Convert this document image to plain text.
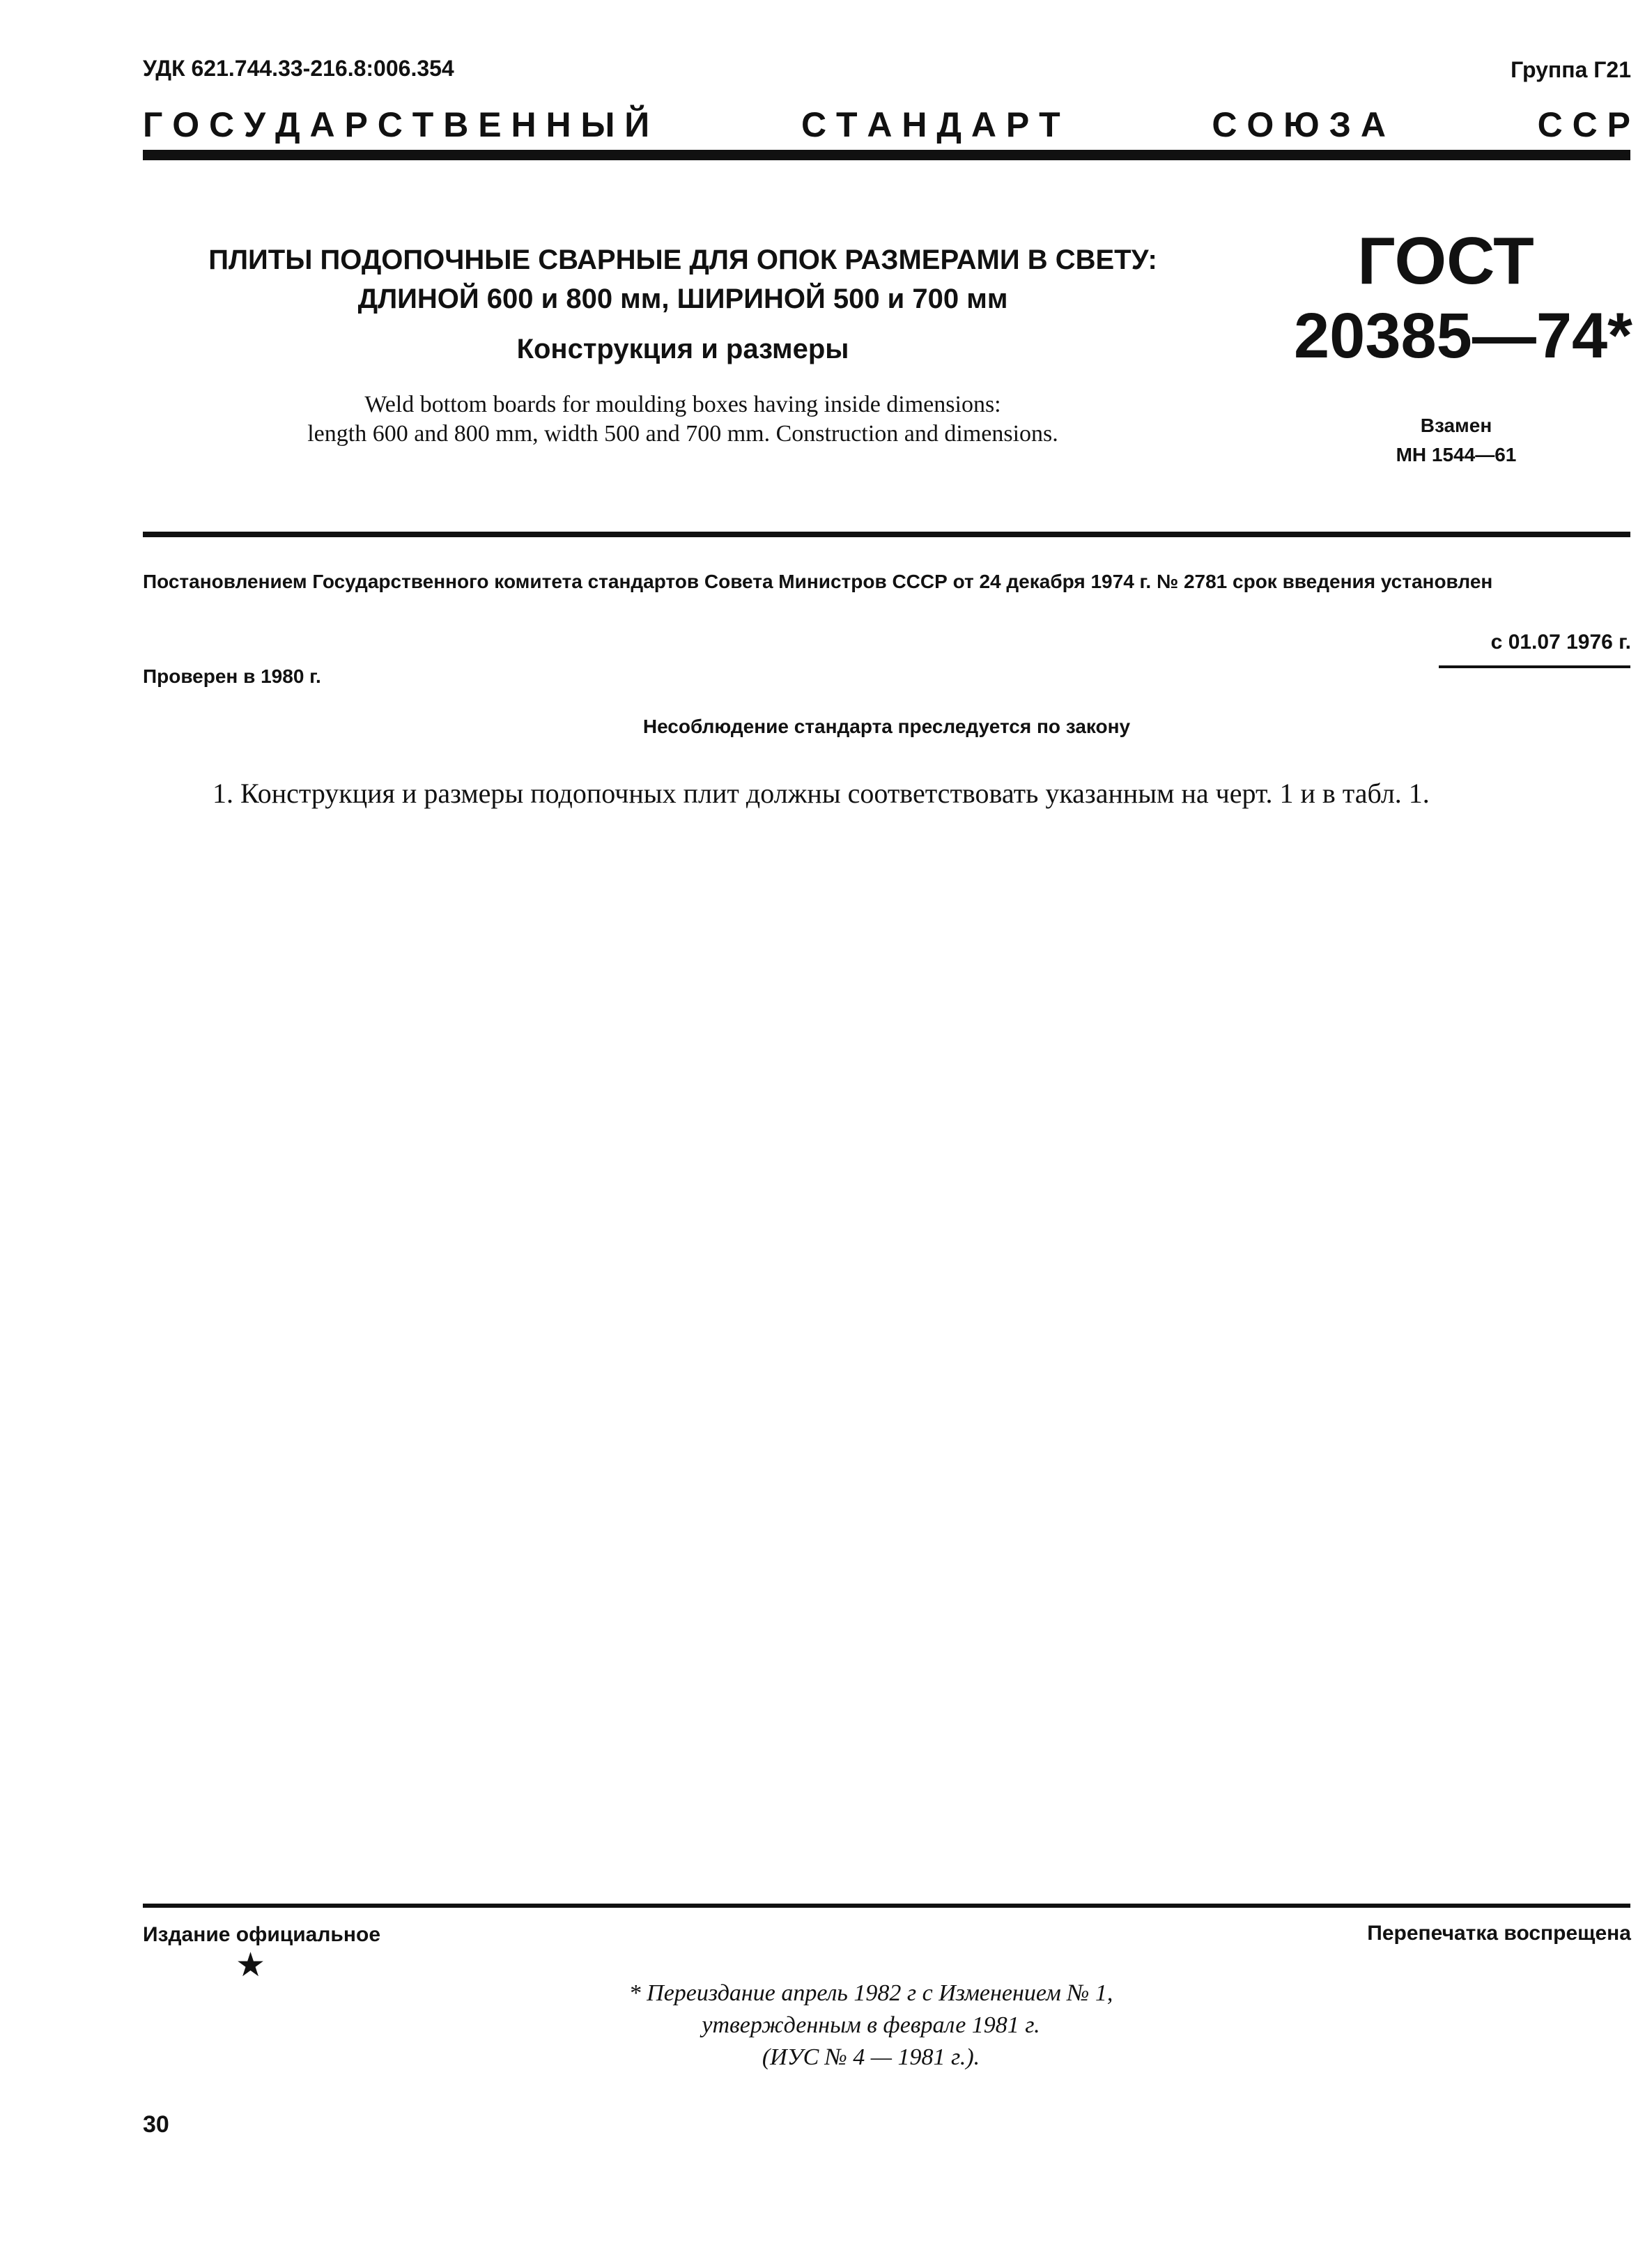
УДК 621.744.33-216.8:006.354	Группа Г21
Г О С У Д А Р С Т В Е Н Н Ы Й	С Т А Н Д А Р Т	С О Ю З А	С С Р
ПЛИТЫ ПОДОПОЧНЫЕ СВАРНЫЕ ДЛЯ ОПОК РАЗМЕРАМИ В СВЕТУ:
ДЛИНОЙ 600 и 800 мм, ШИРИНОЙ 500 и 700 мм
Конструкция и размеры
Weld bottom boards for moulding boxes having inside dimensions:
length 600 and 800 mm, width 500 and 700 mm. Construction and dimensions.
ГОСТ
20385—74*
Взамен
МН 1544—61
Постановлением Государственного комитета стандартов Совета Министров СССР от 24 декабря 1974 г. № 2781 срок введения установлен
с 01.07 1976 г.
Проверен в 1980 г.
Несоблюдение стандарта преследуется по закону
1. Конструкция и размеры подопочных плит должны соответствовать указанным на черт. 1 и в табл. 1.
Издание официальное	Перепечатка воспрещена
★
* Переиздание апрель 1982 г с Изменением № 1,
утвержденным в феврале 1981 г.
(ИУС № 4 — 1981 г.).
30
